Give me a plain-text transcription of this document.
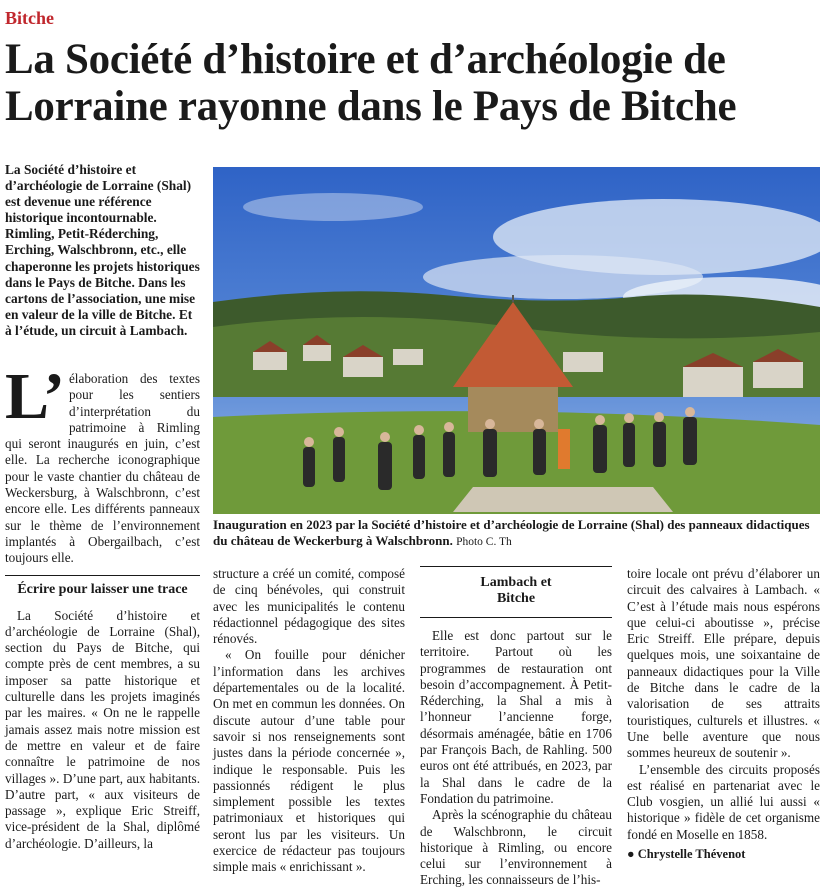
Bitche
La Société d’histoire et d’archéologie de Lorraine rayonne dans le Pays de Bitche
La Société d’histoire et d’archéologie de Lorraine (Shal) est devenue une référence historique incontournable. Rimling, Petit-Réderching, Erching, Walschbronn, etc., elle chaperonne les projets historiques dans le Pays de Bitche. Dans les cartons de l’association, une mise en valeur de la ville de Bitche. Et à l’étude, un circuit à Lambach.
Inauguration en 2023 par la Société d’histoire et d’archéologie de Lorraine (Shal) des panneaux didactiques du château de Weckerburg à Walschbronn. Photo C. Th
L’ élaboration des textes pour les sentiers d’interprétation du patrimoine à Rimling qui seront inaugurés en juin, c’est elle. La recherche iconographique pour le vaste chantier du château de Weckersburg, à Walschbronn, c’est encore elle. Les différents panneaux sur le thème de l’environnement implantés à Obergailbach, c’est toujours elle.

Écrire pour laisser une trace

La Société d’histoire et d’archéologie de Lorraine (Shal), section du Pays de Bitche, qui compte près de cent membres, a su imposer sa patte historique et culturelle dans les projets imaginés par les maires. « On ne le rappelle jamais assez mais notre mission est de mettre en valeur et de faire connaître le patrimoine de nos villages ». D’une part, aux habitants. D’autre part, « aux visiteurs de passage », explique Eric Streiff, vice-président de la Shal, diplômé d’archéologie. D’ailleurs, la

structure a créé un comité, composé de cinq bénévoles, qui construit avec les municipalités le contenu rédactionnel pédagogique des sites rénovés.

« On fouille pour dénicher l’information dans les archives départementales ou de la localité. On met en commun les données. On discute autour d’une table pour savoir si nos renseignements sont justes dans la période concernée », indique le responsable. Puis les passionnés rédigent le plus simplement possible les textes patrimoniaux et historiques qui seront lus par les visiteurs. Un exercice de rédacteur pas toujours simple mais « enrichissant ».

Lambach et Bitche

Elle est donc partout sur le territoire. Partout où les programmes de restauration ont besoin d’accompagnement. À Petit-Réderching, la Shal a mis à l’honneur l’ancienne forge, désormais aménagée, bâtie en 1706 par François Bach, de Rahling. 500 euros ont été attribués, en 2023, par la Shal dans le cadre de la Fondation du patrimoine.

Après la scénographie du château de Walschbronn, le circuit historique à Rimling, ou encore celui sur l’environnement à Erching, les connaisseurs de l’his-

toire locale ont prévu d’élaborer un circuit des calvaires à Lambach. « C’est à l’étude mais nous espérons que celui-ci aboutisse », précise Eric Streiff. Elle prépare, depuis quelques mois, une soixantaine de panneaux didactiques pour la Ville de Bitche dans le cadre de la valorisation de ses attraits touristiques, culturels et illustres. « Une belle aventure que nous sommes heureux de soutenir ».

L’ensemble des circuits proposés est réalisé en partenariat avec le Club vosgien, un allié lui aussi « historique » fidèle de cet organisme fondé en Moselle en 1858.

● Chrystelle Thévenot
